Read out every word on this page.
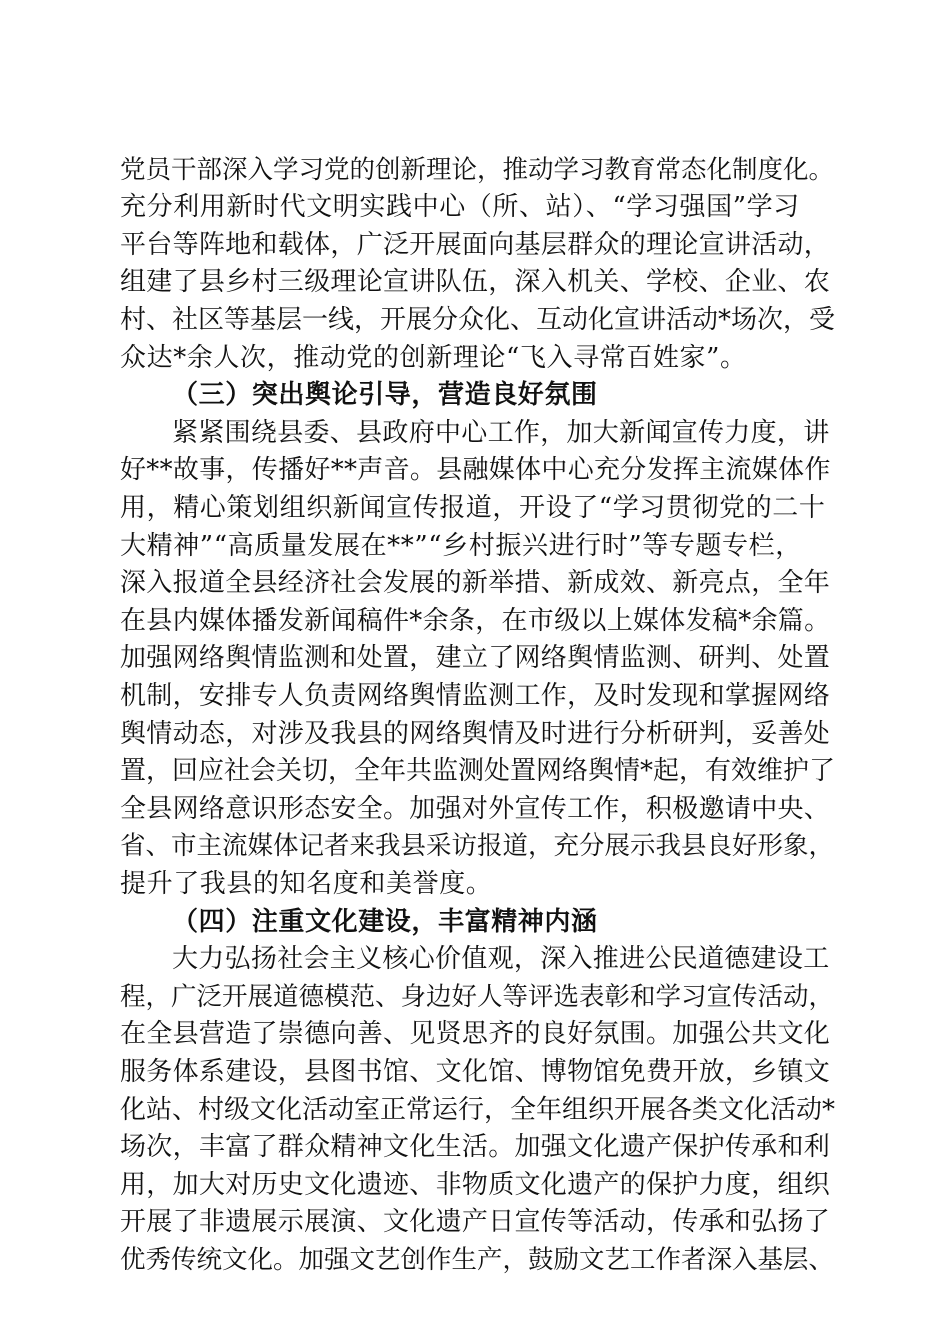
党员干部深入学习党的创新理论，推动学习教育常态化制度化。
充分利用新时代文明实践中心（所、站）、“学习强国”学习
平台等阵地和载体，广泛开展面向基层群众的理论宣讲活动，
组建了县乡村三级理论宣讲队伍，深入机关、学校、企业、农
村、社区等基层一线，开展分众化、互动化宣讲活动*场次，受
众达*余人次，推动党的创新理论“飞入寻常百姓家”。
（三）突出舆论引导，营造良好氛围
紧紧围绕县委、县政府中心工作，加大新闻宣传力度，讲
好**故事，传播好**声音。县融媒体中心充分发挥主流媒体作
用，精心策划组织新闻宣传报道，开设了“学习贯彻党的二十
大精神”“高质量发展在**”“乡村振兴进行时”等专题专栏，
深入报道全县经济社会发展的新举措、新成效、新亮点，全年
在县内媒体播发新闻稿件*余条，在市级以上媒体发稿*余篇。
加强网络舆情监测和处置，建立了网络舆情监测、研判、处置
机制，安排专人负责网络舆情监测工作，及时发现和掌握网络
舆情动态，对涉及我县的网络舆情及时进行分析研判，妥善处
置，回应社会关切，全年共监测处置网络舆情*起，有效维护了
全县网络意识形态安全。加强对外宣传工作，积极邀请中央、
省、市主流媒体记者来我县采访报道，充分展示我县良好形象，
提升了我县的知名度和美誉度。
（四）注重文化建设，丰富精神内涵
大力弘扬社会主义核心价值观，深入推进公民道德建设工
程，广泛开展道德模范、身边好人等评选表彰和学习宣传活动，
在全县营造了崇德向善、见贤思齐的良好氛围。加强公共文化
服务体系建设，县图书馆、文化馆、博物馆免费开放，乡镇文
化站、村级文化活动室正常运行，全年组织开展各类文化活动*
场次，丰富了群众精神文化生活。加强文化遗产保护传承和利
用，加大对历史文化遗迹、非物质文化遗产的保护力度，组织
开展了非遗展示展演、文化遗产日宣传等活动，传承和弘扬了
优秀传统文化。加强文艺创作生产，鼓励文艺工作者深入基层、
